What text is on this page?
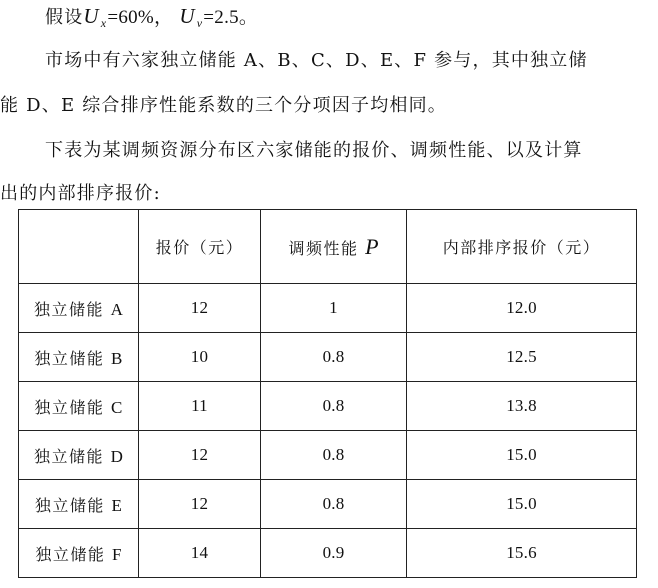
假设$U_x=60\%$， $U_v=2.5$。
市场中有六家独立储能 A、B、C、D、E、F 参与，其中独立储
能 D、E 综合排序性能系数的三个分项因子均相同。
下表为某调频资源分布区六家储能的报价、调频性能、以及计算
出的内部排序报价:
	报价（元）	调频性能 P	内部排序报价（元）
独立储能 A	12	1	12.0
独立储能 B	10	0.8	12.5
独立储能 C	11	0.8	13.8
独立储能 D	12	0.8	15.0
独立储能 E	12	0.8	15.0
独立储能 F	14	0.9	15.6
